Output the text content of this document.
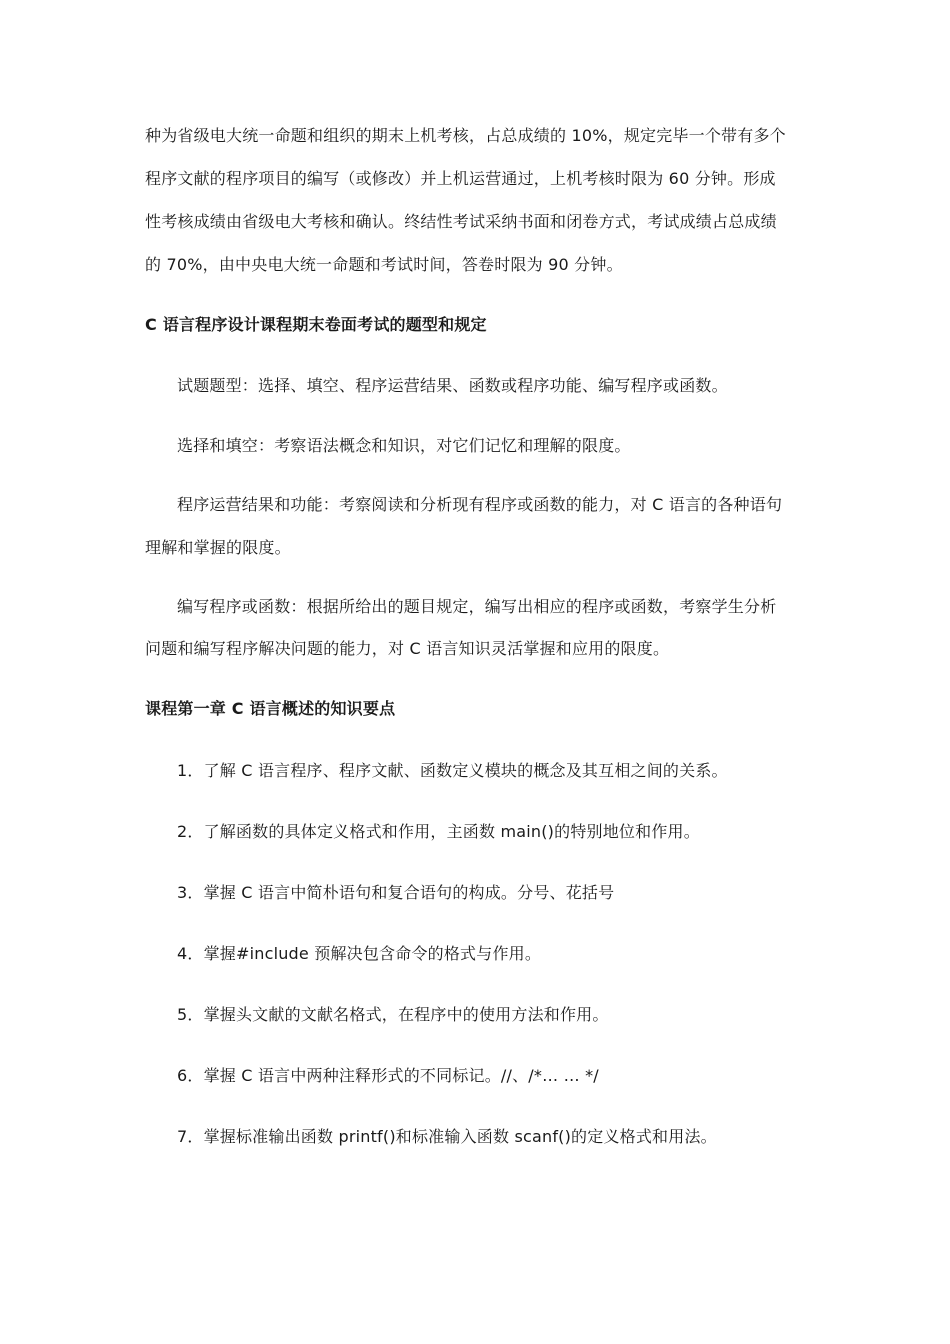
种为省级电大统一命题和组织的期末上机考核，占总成绩的 10%，规定完毕一个带有多个
程序文献的程序项目的编写（或修改）并上机运营通过，上机考核时限为 60 分钟。形成
性考核成绩由省级电大考核和确认。终结性考试采纳书面和闭卷方式，考试成绩占总成绩
的 70%，由中央电大统一命题和考试时间，答卷时限为 90 分钟。
C 语言程序设计课程期末卷面考试的题型和规定
试题题型：选择、填空、程序运营结果、函数或程序功能、编写程序或函数。
选择和填空：考察语法概念和知识，对它们记忆和理解的限度。
程序运营结果和功能：考察阅读和分析现有程序或函数的能力，对 C 语言的各种语句
理解和掌握的限度。
编写程序或函数：根据所给出的题目规定，编写出相应的程序或函数，考察学生分析
问题和编写程序解决问题的能力，对 C 语言知识灵活掌握和应用的限度。
课程第一章 C 语言概述的知识要点
1．了解 C 语言程序、程序文献、函数定义模块的概念及其互相之间的关系。
2．了解函数的具体定义格式和作用，主函数 main()的特别地位和作用。
3．掌握 C 语言中简朴语句和复合语句的构成。分号、花括号
4．掌握#include 预解决包含命令的格式与作用。
5．掌握头文献的文献名格式，在程序中的使用方法和作用。
6．掌握 C 语言中两种注释形式的不同标记。//、/*… … */
7．掌握标准输出函数 printf()和标准输入函数 scanf()的定义格式和用法。
